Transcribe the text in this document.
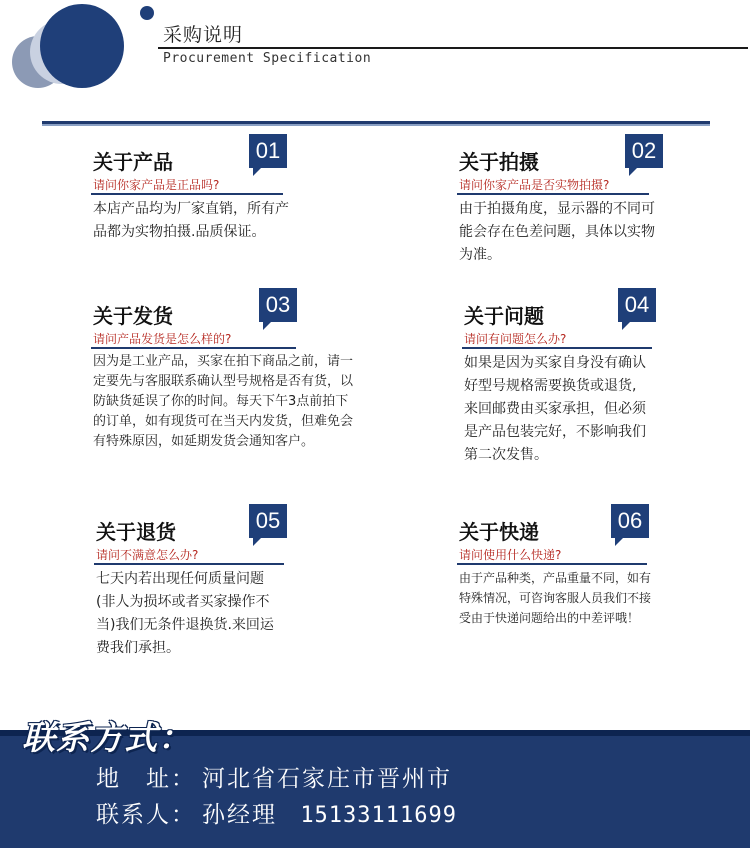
采购说明
Procurement Specification
关于产品	01
请问你家产品是正品吗?
本店产品均为厂家直销，所有产品都为实物拍摄.品质保证。
关于拍摄	02
请问你家产品是否实物拍摄?
由于拍摄角度，显示器的不同可能会存在色差问题，具体以实物为准。
关于发货	03
请问产品发货是怎么样的?
因为是工业产品，买家在拍下商品之前，请一定要先与客服联系确认型号规格是否有货，以防缺货延误了你的时间。每天下午3点前拍下的订单，如有现货可在当天内发货，但难免会有特殊原因，如延期发货会通知客户。
关于问题	04
请问有问题怎么办?
如果是因为买家自身没有确认好型号规格需要换货或退货,来回邮费由买家承担，但必须是产品包装完好，不影响我们第二次发售。
关于退货	05
请问不满意怎么办?
七天内若出现任何质量问题(非人为损坏或者买家操作不当)我们无条件退换货.来回运费我们承担。
关于快递	06
请问使用什么快递?
由于产品种类，产品重量不同，如有特殊情况，可咨询客服人员我们不接受由于快递问题给出的中差评哦！
联系方式：
地　址： 河北省石家庄市晋州市
联系人： 孙经理 15133111699
